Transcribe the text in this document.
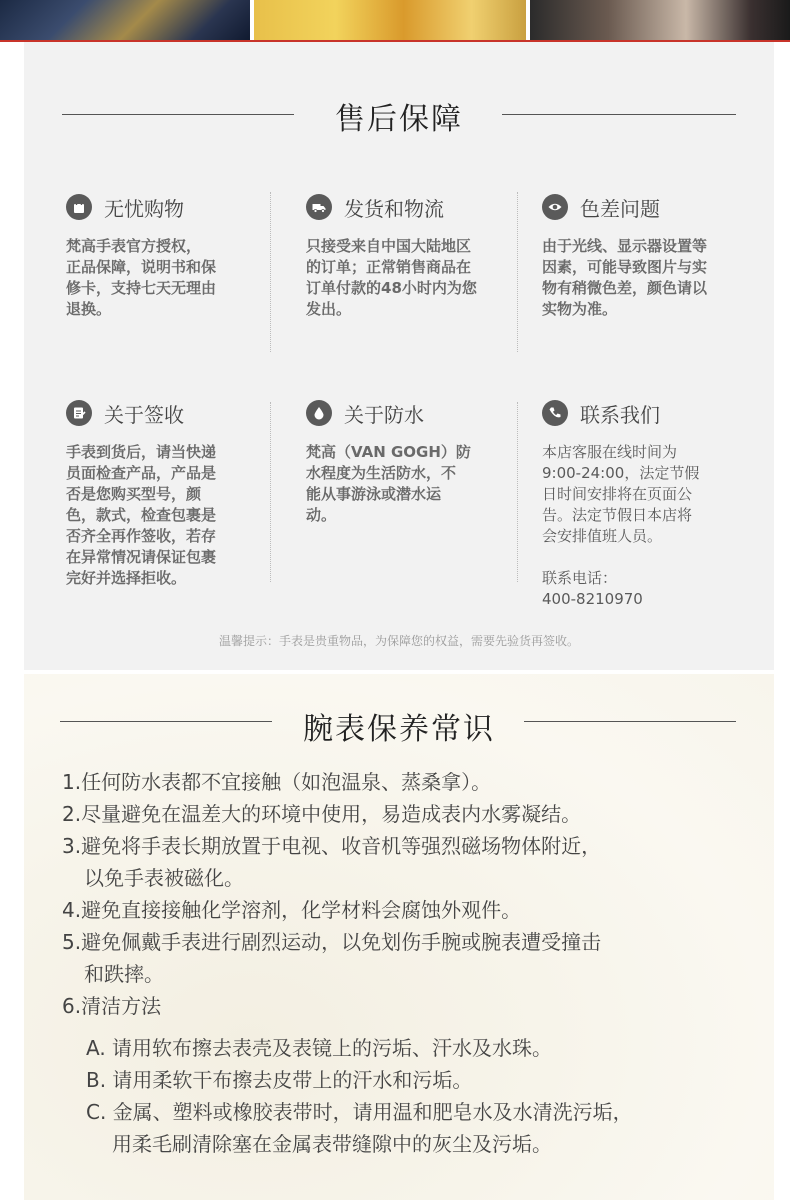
售后保障
无忧购物
梵高手表官方授权，
正品保障，说明书和保
修卡，支持七天无理由
退换。
发货和物流
只接受来自中国大陆地区
的订单；正常销售商品在
订单付款的48小时内为您
发出。
色差问题
由于光线、显示器设置等
因素，可能导致图片与实
物有稍微色差，颜色请以
实物为准。
关于签收
手表到货后，请当快递
员面检查产品，产品是
否是您购买型号，颜
色，款式，检查包裹是
否齐全再作签收，若存
在异常情况请保证包裹
完好并选择拒收。
关于防水
梵高（VAN GOGH）防
水程度为生活防水，不
能从事游泳或潜水运
动。
联系我们
本店客服在线时间为
9:00-24:00，法定节假
日时间安排将在页面公
告。法定节假日本店将
会安排值班人员。
联系电话：
400-8210970
温馨提示：手表是贵重物品，为保障您的权益，需要先验货再签收。
腕表保养常识
1.任何防水表都不宜接触（如泡温泉、蒸桑拿）。
2.尽量避免在温差大的环境中使用，易造成表内水雾凝结。
3.避免将手表长期放置于电视、收音机等强烈磁场物体附近，
以免手表被磁化。
4.避免直接接触化学溶剂，化学材料会腐蚀外观件。
5.避免佩戴手表进行剧烈运动，以免划伤手腕或腕表遭受撞击
和跌摔。
6.清洁方法
A. 请用软布擦去表壳及表镜上的污垢、汗水及水珠。
B. 请用柔软干布擦去皮带上的汗水和污垢。
C. 金属、塑料或橡胶表带时，请用温和肥皂水及水清洗污垢，
用柔毛刷清除塞在金属表带缝隙中的灰尘及污垢。
